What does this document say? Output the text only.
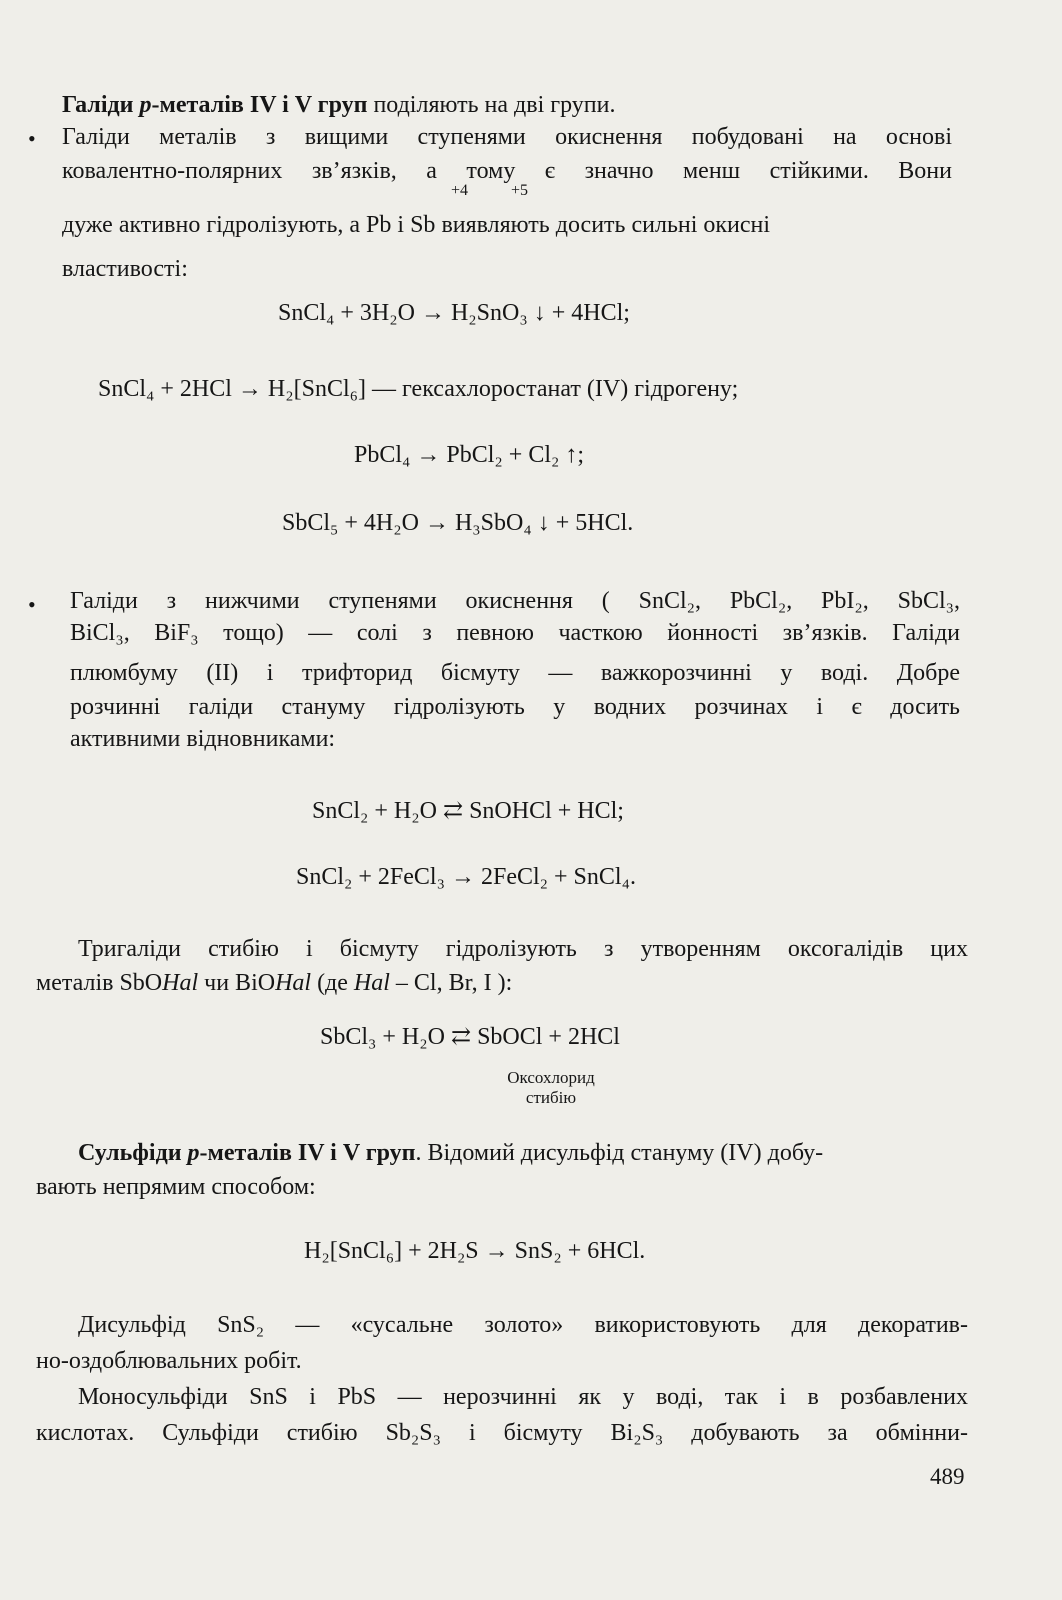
Галіди p-металів IV і V груп поділяють на дві групи.
• Галіди металів з вищими ступенями окиснення побудовані на основі
ковалентно-полярних зв’язків, а тому є значно менш стійкими. Вони
+4	+5
дуже активно гідролізують, а Pb і Sb виявляють досить сильні окисні
властивості:
SnCl₄ + 3H₂O → H₂SnO₃ ↓ + 4HCl;
SnCl₄ + 2HCl → H₂[SnCl₆] — гексахлоростанат (IV) гідрогену;
PbCl₄ → PbCl₂ + Cl₂ ↑;
SbCl₅ + 4H₂O → H₃SbO₄ ↓ + 5HCl.
• Галіди з нижчими ступенями окиснення ( SnCl₂, PbCl₂, PbI₂, SbCl₃,
BiCl₃, BiF₃ тощо) — солі з певною часткою йонності зв’язків. Галіди
плюмбуму (II) і трифторид бісмуту — важкорозчинні у воді. Добре
розчинні галіди стануму гідролізують у водних розчинах і є досить
активними відновниками:
SnCl₂ + H₂O ⇄ SnOHCl + HCl;
SnCl₂ + 2FeCl₃ → 2FeCl₂ + SnCl₄.
Тригаліди стибію і бісмуту гідролізують з утворенням оксогалідів цих
металів SbOHal чи BiOHal (де Hal – Cl, Br, I ):
SbCl₃ + H₂O ⇄ SbOCl + 2HCl
Оксохлорид
стибію
Сульфіди p-металів IV і V груп. Відомий дисульфід стануму (IV) добу-
вають непрямим способом:
H₂[SnCl₆] + 2H₂S → SnS₂ + 6HCl.
Дисульфід SnS₂ — «сусальне золото» використовують для декоратив-
но-оздоблювальних робіт.
Моносульфіди SnS і PbS — нерозчинні як у воді, так і в розбавлених
кислотах. Сульфіди стибію Sb₂S₃ і бісмуту Bi₂S₃ добувають за обмінни-
489
